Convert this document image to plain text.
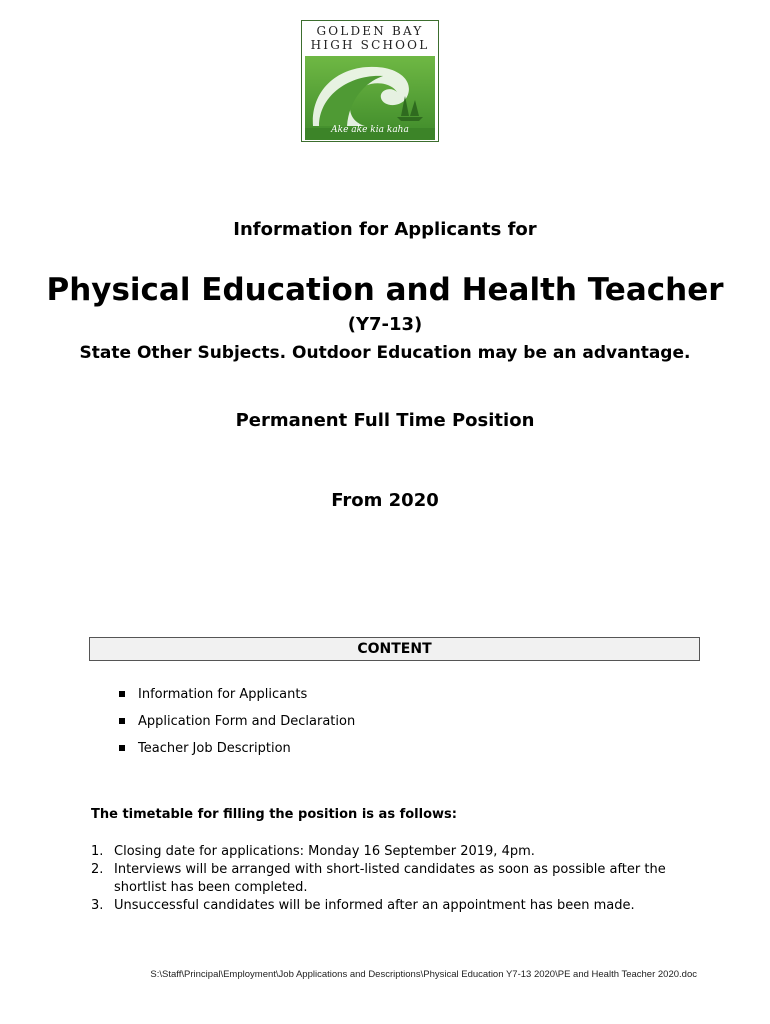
GOLDEN BAY
HIGH SCHOOL
Ake ake kia kaha

Information for Applicants for

Physical Education and Health Teacher

(Y7-13)

State Other Subjects. Outdoor Education may be an advantage.

Permanent Full Time Position

From 2020

CONTENT
Information for Applicants
Application Form and Declaration
Teacher Job Description
The timetable for filling the position is as follows:
1. Closing date for applications: Monday 16 September 2019, 4pm.
2. Interviews will be arranged with short-listed candidates as soon as possible after the shortlist has been completed.
3. Unsuccessful candidates will be informed after an appointment has been made.
S:\Staff\Principal\Employment\Job Applications and Descriptions\Physical Education Y7-13 2020\PE and Health Teacher 2020.doc
